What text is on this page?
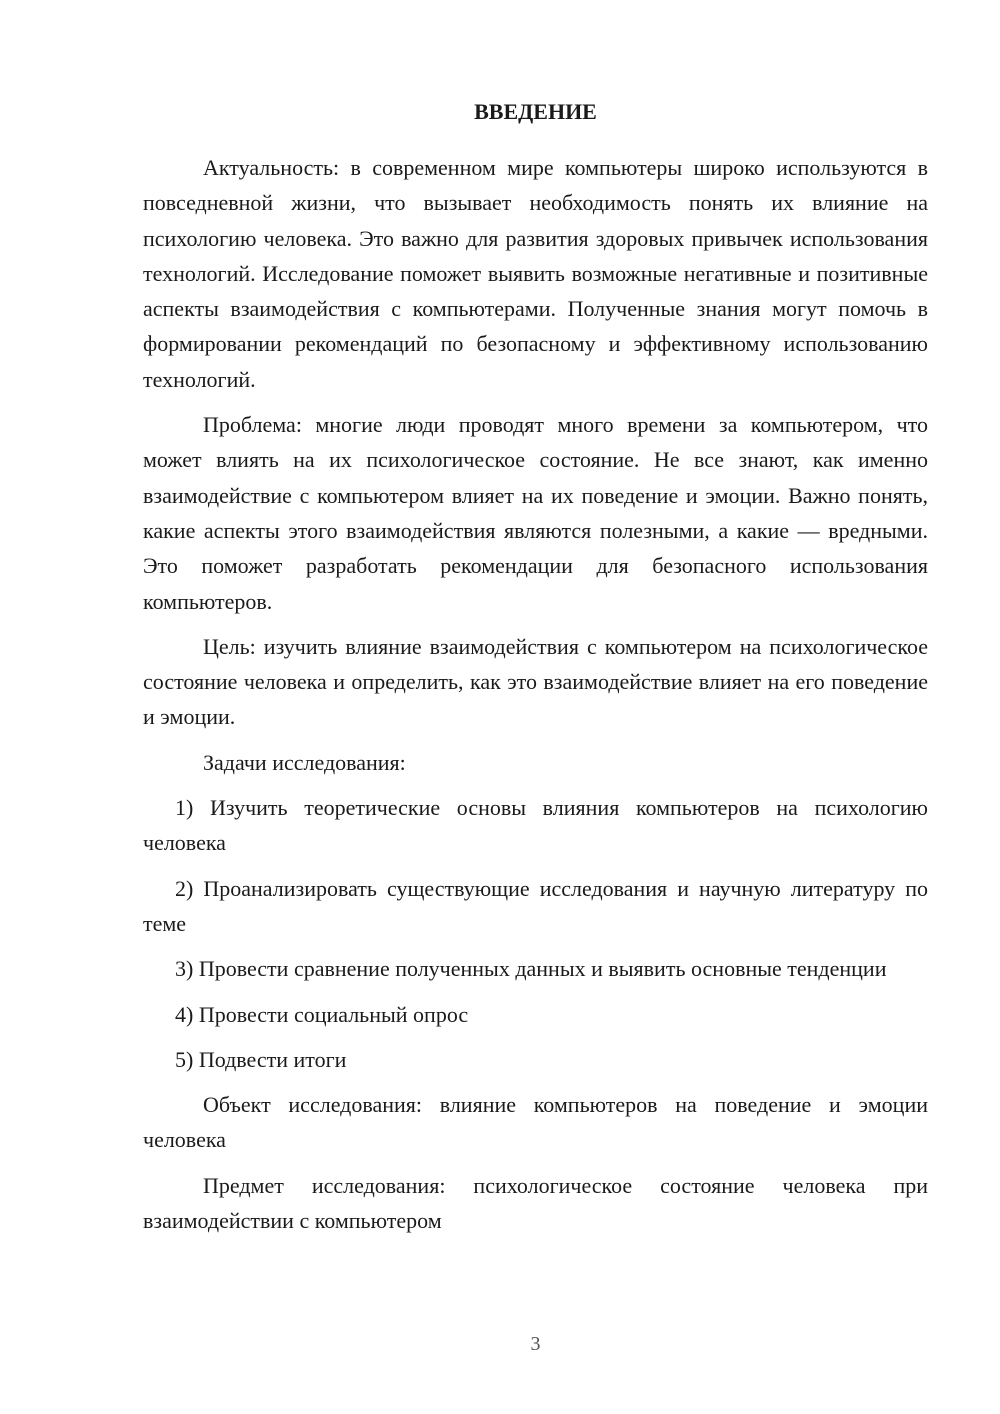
ВВЕДЕНИЕ

Актуальность: в современном мире компьютеры широко используются в повседневной жизни, что вызывает необходимость понять их влияние на психологию человека. Это важно для развития здоровых привычек использования технологий. Исследование поможет выявить возможные негативные и позитивные аспекты взаимодействия с компьютерами. Полученные знания могут помочь в формировании рекомендаций по безопасному и эффективному использованию технологий.

Проблема: многие люди проводят много времени за компьютером, что может влиять на их психологическое состояние. Не все знают, как именно взаимодействие с компьютером влияет на их поведение и эмоции. Важно понять, какие аспекты этого взаимодействия являются полезными, а какие — вредными. Это поможет разработать рекомендации для безопасного использования компьютеров.

Цель: изучить влияние взаимодействия с компьютером на психологическое состояние человека и определить, как это взаимодействие влияет на его поведение и эмоции.

Задачи исследования:

1) Изучить теоретические основы влияния компьютеров на психологию человека

2) Проанализировать существующие исследования и научную литературу по теме

3) Провести сравнение полученных данных и выявить основные тенденции

4) Провести социальный опрос

5) Подвести итоги

Объект исследования: влияние компьютеров на поведение и эмоции человека

Предмет исследования: психологическое состояние человека при взаимодействии с компьютером

3
